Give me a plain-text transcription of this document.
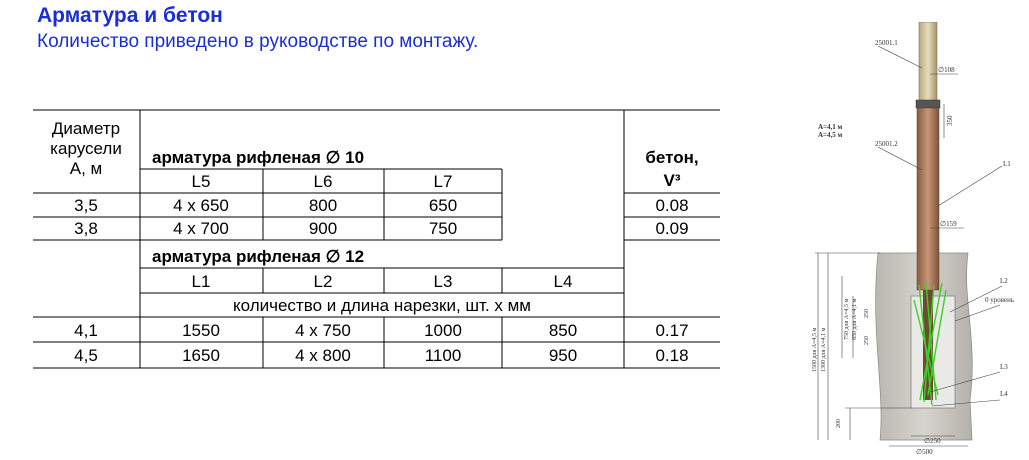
Арматура и бетон
Количество приведено в руководстве по монтажу.
Диаметр
карусели
А, м
арматура рифленая ∅ 10
L5	L6	L7
бетон,
V³
3,5	4 x 650	800	650	0.08
3,8	4 x 700	900	750	0.09
арматура рифленая ∅ 12
L1	L2	L3	L4
количество и длина нарезки, шт. х мм
4,1	1550	4 x 750	1000	850	0.17
4,5	1650	4 x 800	1100	950	0.18
25001.1
∅108
A=4,1 м
A=4,5 м
350
25001.2
L1
∅159
L2
0 уровень
1500 для A=4,5 м 1300 для A=4,1 м
750 для A=4,5 м 650 для A=4,1 м 250
250
L3
L4
200
∅250
∅500
